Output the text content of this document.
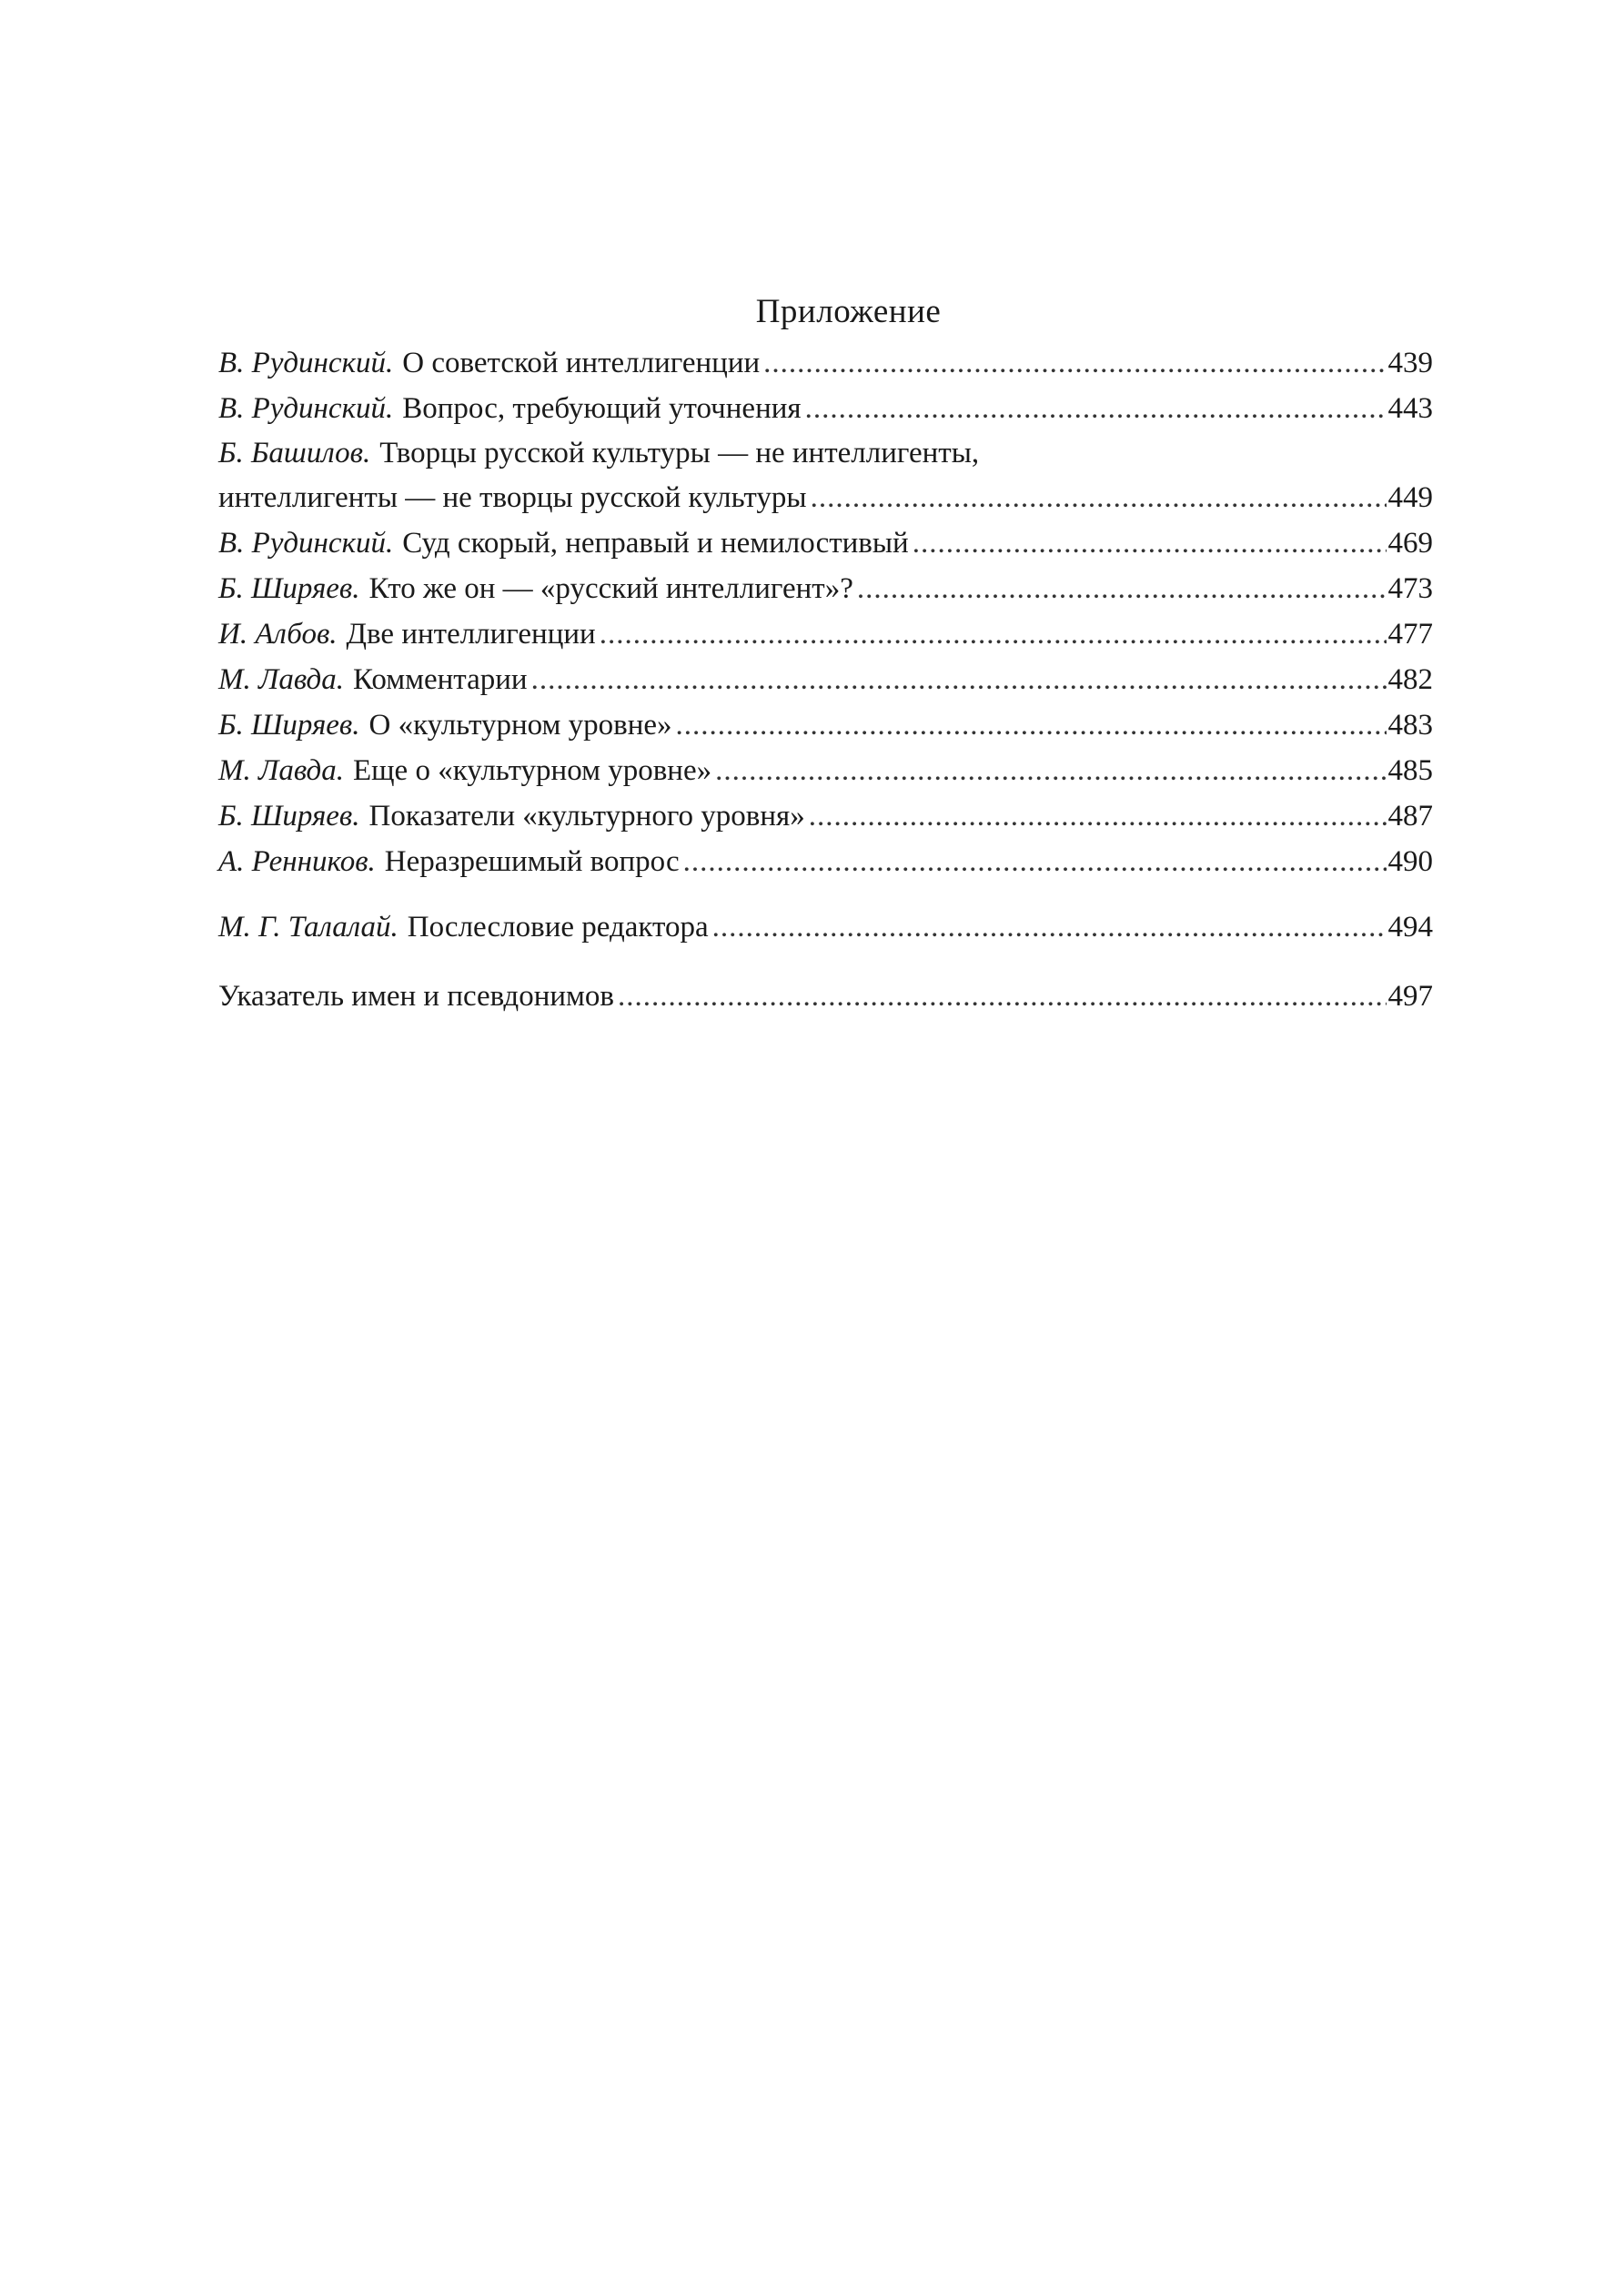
Приложение
В. Рудинский. О советской интеллигенции .....	439
В. Рудинский. Вопрос, требующий уточнения .....	443
Б. Башилов. Творцы русской культуры — не интеллигенты,
интеллигенты — не творцы русской культуры .....	449
В. Рудинский. Суд скорый, неправый и немилостивый .....	469
Б. Ширяев. Кто же он — «русский интеллигент»? .....	473
И. Албов. Две интеллигенции .....	477
М. Лавда. Комментарии .....	482
Б. Ширяев. О «культурном уровне» .....	483
М. Лавда. Еще о «культурном уровне» .....	485
Б. Ширяев. Показатели «культурного уровня» .....	487
А. Ренников. Неразрешимый вопрос .....	490
М. Г. Талалай. Послесловие редактора .....	494
Указатель имен и псевдонимов .....	497
